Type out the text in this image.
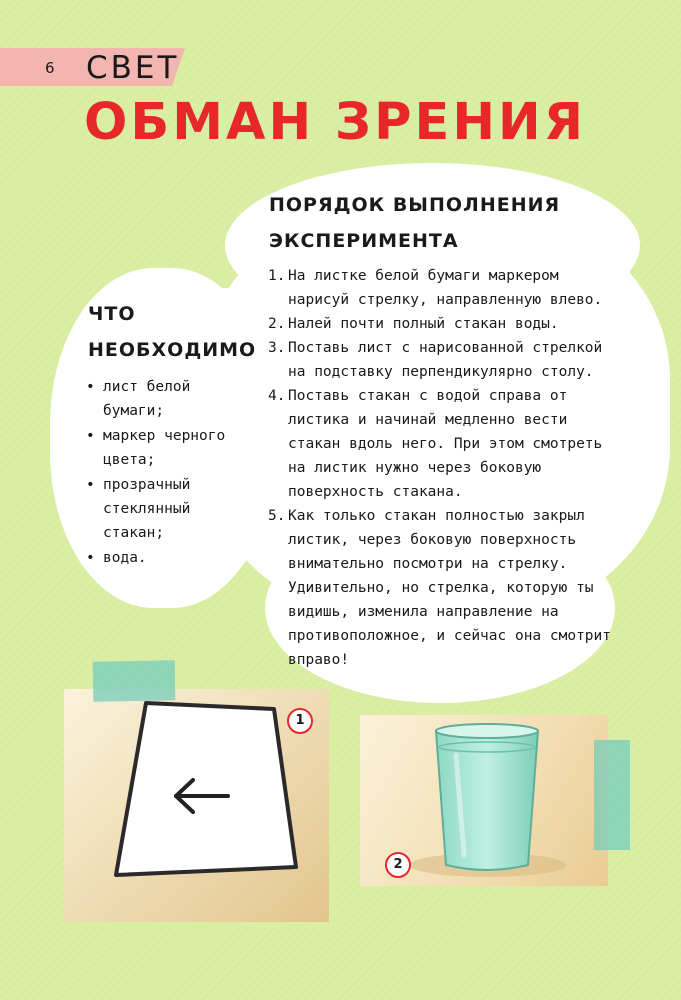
6 СВЕТ
ОБМАН ЗРЕНИЯ
ЧТО
НЕОБХОДИМО
• лист белой бумаги;
• маркер черного цвета;
• прозрачный стеклянный стакан;
• вода.
ПОРЯДОК ВЫПОЛНЕНИЯ
ЭКСПЕРИМЕНТА
1. На листке белой бумаги маркером нарисуй стрелку, направленную влево.
2. Налей почти полный стакан воды.
3. Поставь лист с нарисованной стрелкой на подставку перпендикулярно столу.
4. Поставь стакан с водой справа от листика и начинай медленно вести стакан вдоль него. При этом смотреть на листик нужно через боковую поверхность стакана.
5. Как только стакан полностью закрыл листик, через боковую поверхность внимательно посмотри на стрелку. Удивительно, но стрелка, которую ты видишь, изменила направление на противоположное, и сейчас она смотрит вправо!
1
2
